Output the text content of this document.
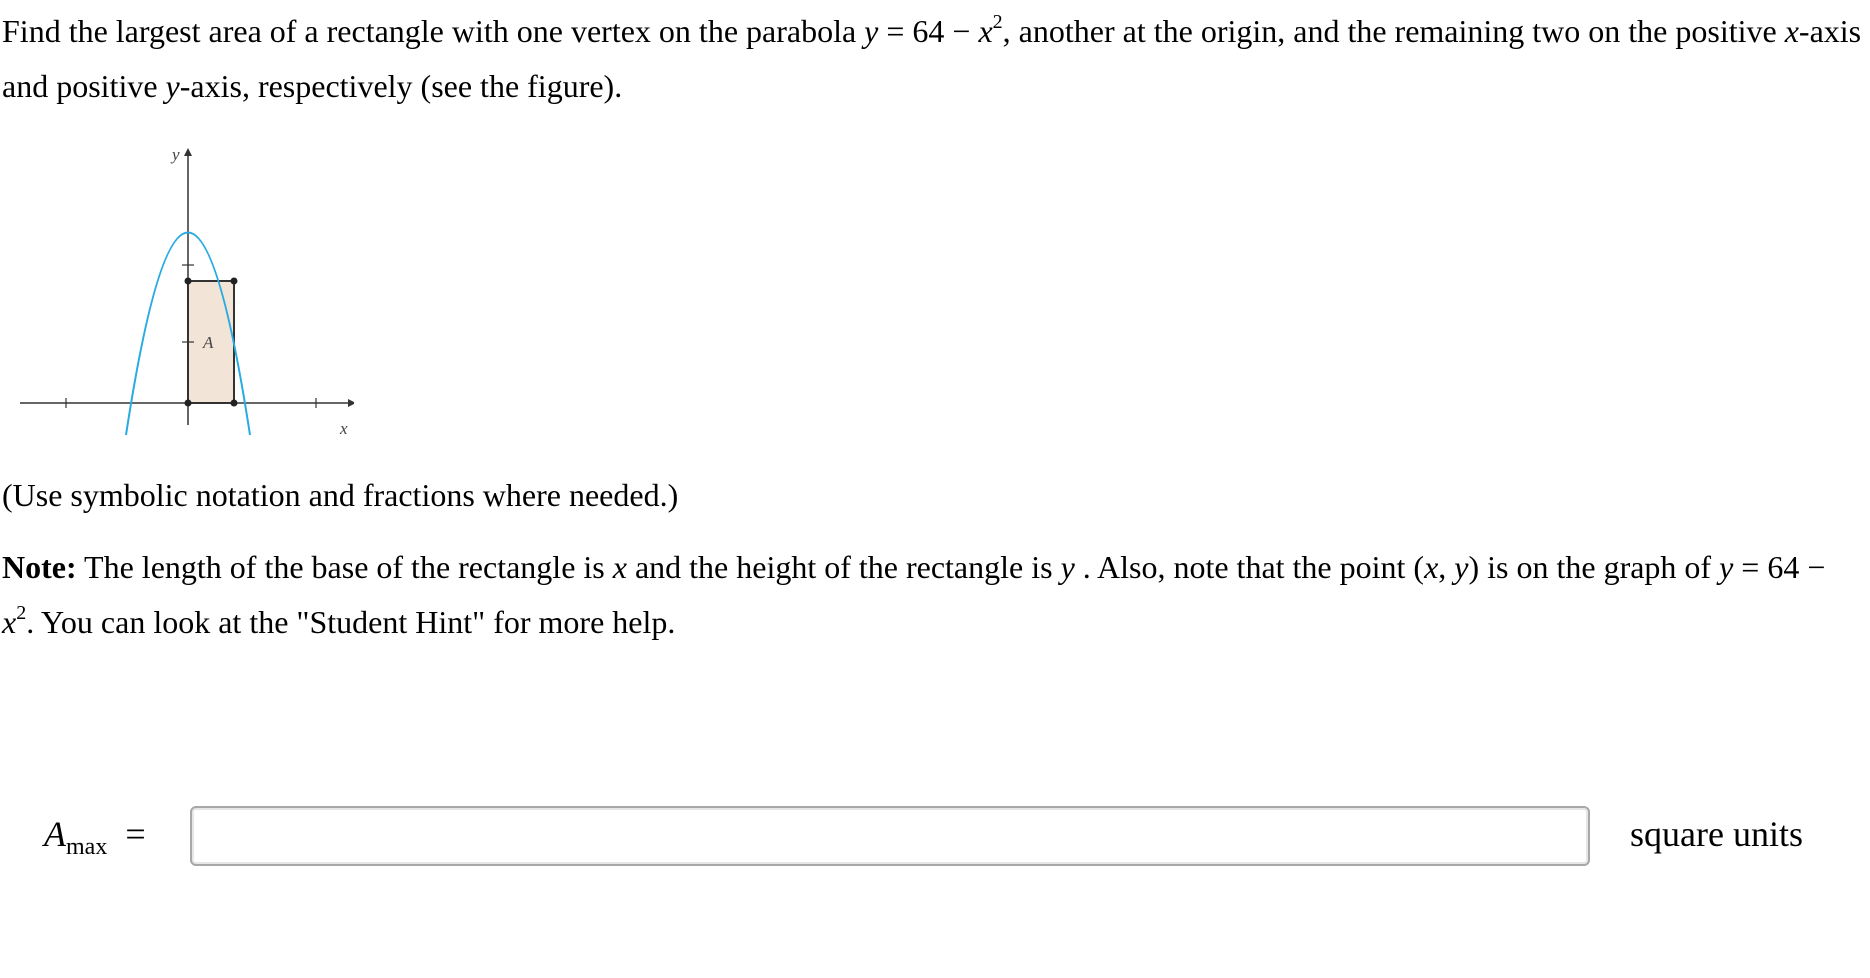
Find the largest area of a rectangle with one vertex on the parabola $y = 64 - x^2$, another at the origin, and the remaining two on the positive x-axis and positive y-axis, respectively (see the figure).

y
x
A

(Use symbolic notation and fractions where needed.)

Note: The length of the base of the rectangle is x and the height of the rectangle is y . Also, note that the point (x, y) is on the graph of $y = 64 - x^2$. You can look at the "Student Hint" for more help.

$A_{max}$ =	square units
